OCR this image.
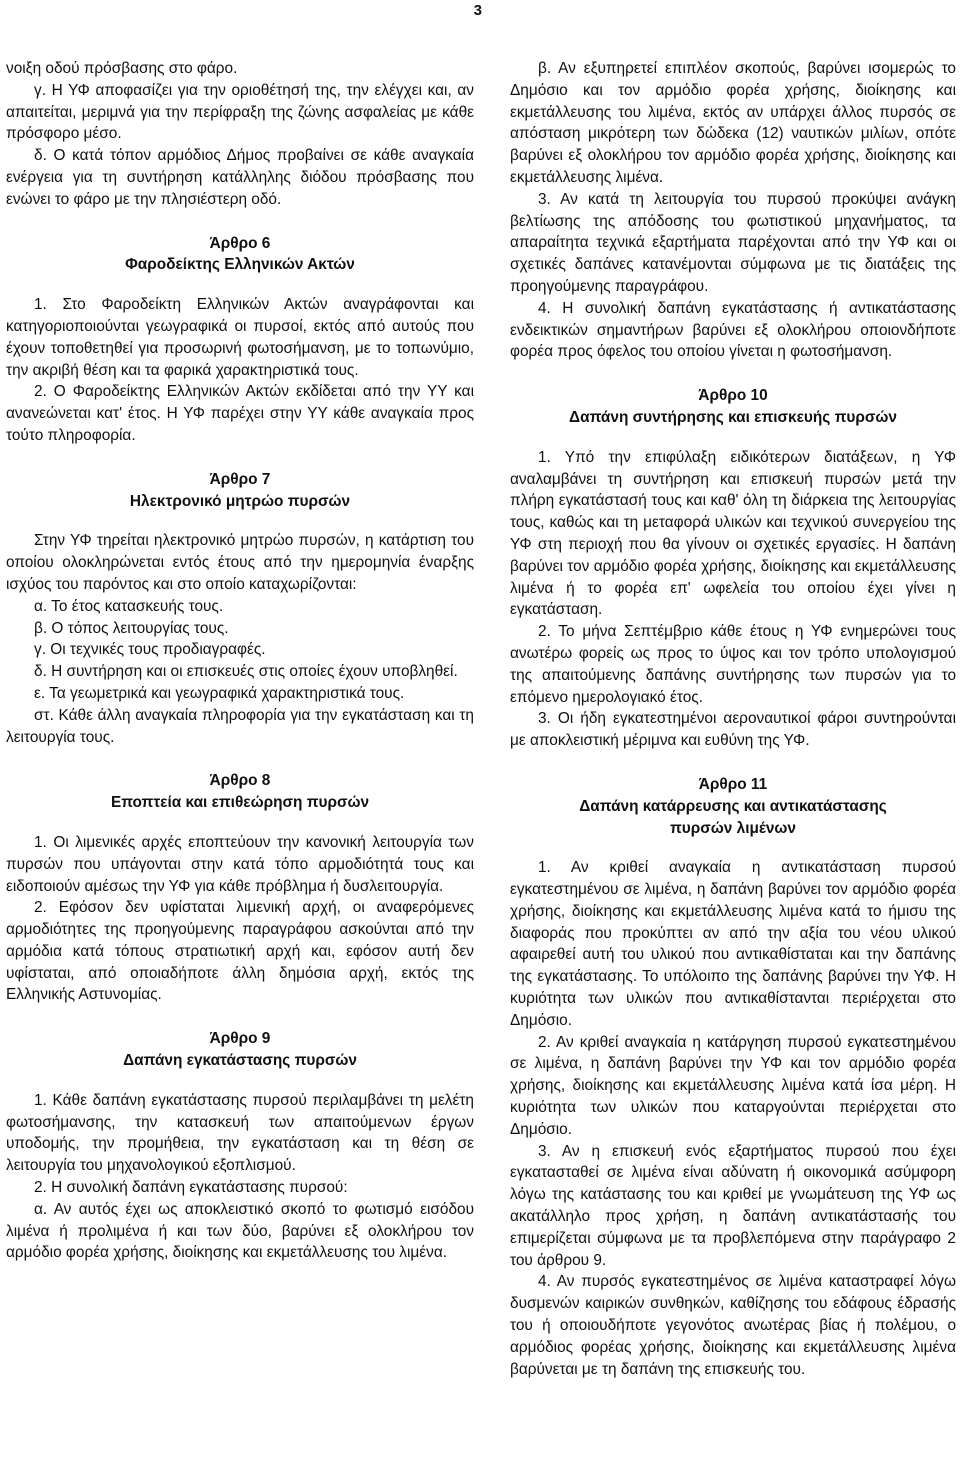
3

νοιξη οδού πρόσβασης στο φάρο.

γ. Η ΥΦ αποφασίζει για την οριοθέτησή της, την ελέγχει και, αν απαιτείται, μεριμνά για την περίφραξη της ζώνης ασφαλείας με κάθε πρόσφορο μέσο.

δ. Ο κατά τόπον αρμόδιος Δήμος προβαίνει σε κάθε αναγκαία ενέργεια για τη συντήρηση κατάλληλης διόδου πρόσβασης που ενώνει το φάρο με την πλησιέστερη οδό.

Άρθρο 6
Φαροδείκτης Ελληνικών Ακτών

1. Στο Φαροδείκτη Ελληνικών Ακτών αναγράφονται και κατηγοριοποιούνται γεωγραφικά οι πυρσοί, εκτός από αυτούς που έχουν τοποθετηθεί για προσωρινή φωτοσήμανση, με το τοπωνύμιο, την ακριβή θέση και τα φαρικά χαρακτηριστικά τους.

2. Ο Φαροδείκτης Ελληνικών Ακτών εκδίδεται από την ΥΥ και ανανεώνεται κατ' έτος. Η ΥΦ παρέχει στην ΥΥ κάθε αναγκαία προς τούτο πληροφορία.

Άρθρο 7
Ηλεκτρονικό μητρώο πυρσών

Στην ΥΦ τηρείται ηλεκτρονικό μητρώο πυρσών, η κατάρτιση του οποίου ολοκληρώνεται εντός έτους από την ημερομηνία έναρξης ισχύος του παρόντος και στο οποίο καταχωρίζονται:

α. Το έτος κατασκευής τους.

β. Ο τόπος λειτουργίας τους.

γ. Οι τεχνικές τους προδιαγραφές.

δ. Η συντήρηση και οι επισκευές στις οποίες έχουν υποβληθεί.

ε. Τα γεωμετρικά και γεωγραφικά χαρακτηριστικά τους.

στ. Κάθε άλλη αναγκαία πληροφορία για την εγκατάσταση και τη λειτουργία τους.

Άρθρο 8
Εποπτεία και επιθεώρηση πυρσών

1. Οι λιμενικές αρχές εποπτεύουν την κανονική λειτουργία των πυρσών που υπάγονται στην κατά τόπο αρμοδιότητά τους και ειδοποιούν αμέσως την ΥΦ για κάθε πρόβλημα ή δυσλειτουργία.

2. Εφόσον δεν υφίσταται λιμενική αρχή, οι αναφερόμενες αρμοδιότητες της προηγούμενης παραγράφου ασκούνται από την αρμόδια κατά τόπους στρατιωτική αρχή και, εφόσον αυτή δεν υφίσταται, από οποιαδήποτε άλλη δημόσια αρχή, εκτός της Ελληνικής Αστυνομίας.

Άρθρο 9
Δαπάνη εγκατάστασης πυρσών

1. Κάθε δαπάνη εγκατάστασης πυρσού περιλαμβάνει τη μελέτη φωτοσήμανσης, την κατασκευή των απαιτούμενων έργων υποδομής, την προμήθεια, την εγκατάσταση και τη θέση σε λειτουργία του μηχανολογικού εξοπλισμού.

2. Η συνολική δαπάνη εγκατάστασης πυρσού:

α. Αν αυτός έχει ως αποκλειστικό σκοπό το φωτισμό εισόδου λιμένα ή προλιμένα ή και των δύο, βαρύνει εξ ολοκλήρου τον αρμόδιο φορέα χρήσης, διοίκησης και εκμετάλλευσης του λιμένα.

β. Αν εξυπηρετεί επιπλέον σκοπούς, βαρύνει ισομερώς το Δημόσιο και τον αρμόδιο φορέα χρήσης, διοίκησης και εκμετάλλευσης του λιμένα, εκτός αν υπάρχει άλλος πυρσός σε απόσταση μικρότερη των δώδεκα (12) ναυτικών μιλίων, οπότε βαρύνει εξ ολοκλήρου τον αρμόδιο φορέα χρήσης, διοίκησης και εκμετάλλευσης λιμένα.

3. Αν κατά τη λειτουργία του πυρσού προκύψει ανάγκη βελτίωσης της απόδοσης του φωτιστικού μηχανήματος, τα απαραίτητα τεχνικά εξαρτήματα παρέχονται από την ΥΦ και οι σχετικές δαπάνες κατανέμονται σύμφωνα με τις διατάξεις της προηγούμενης παραγράφου.

4. Η συνολική δαπάνη εγκατάστασης ή αντικατάστασης ενδεικτικών σημαντήρων βαρύνει εξ ολοκλήρου οποιονδήποτε φορέα προς όφελος του οποίου γίνεται η φωτοσήμανση.

Άρθρο 10
Δαπάνη συντήρησης και επισκευής πυρσών

1. Υπό την επιφύλαξη ειδικότερων διατάξεων, η ΥΦ αναλαμβάνει τη συντήρηση και επισκευή πυρσών μετά την πλήρη εγκατάστασή τους και καθ' όλη τη διάρκεια της λειτουργίας τους, καθώς και τη μεταφορά υλικών και τεχνικού συνεργείου της ΥΦ στη περιοχή που θα γίνουν οι σχετικές εργασίες. Η δαπάνη βαρύνει τον αρμόδιο φορέα χρήσης, διοίκησης και εκμετάλλευσης λιμένα ή το φορέα επ' ωφελεία του οποίου έχει γίνει η εγκατάσταση.

2. Το μήνα Σεπτέμβριο κάθε έτους η ΥΦ ενημερώνει τους ανωτέρω φορείς ως προς το ύψος και τον τρόπο υπολογισμού της απαιτούμενης δαπάνης συντήρησης των πυρσών για το επόμενο ημερολογιακό έτος.

3. Οι ήδη εγκατεστημένοι αεροναυτικοί φάροι συντηρούνται με αποκλειστική μέριμνα και ευθύνη της ΥΦ.

Άρθρο 11
Δαπάνη κατάρρευσης και αντικατάστασης
πυρσών λιμένων

1. Αν κριθεί αναγκαία η αντικατάσταση πυρσού εγκατεστημένου σε λιμένα, η δαπάνη βαρύνει τον αρμόδιο φορέα χρήσης, διοίκησης και εκμετάλλευσης λιμένα κατά το ήμισυ της διαφοράς που προκύπτει αν από την αξία του νέου υλικού αφαιρεθεί αυτή του υλικού που αντικαθίσταται και την δαπάνης της εγκατάστασης. Το υπόλοιπο της δαπάνης βαρύνει την ΥΦ. Η κυριότητα των υλικών που αντικαθίστανται περιέρχεται στο Δημόσιο.

2. Αν κριθεί αναγκαία η κατάργηση πυρσού εγκατεστημένου σε λιμένα, η δαπάνη βαρύνει την ΥΦ και τον αρμόδιο φορέα χρήσης, διοίκησης και εκμετάλλευσης λιμένα κατά ίσα μέρη. Η κυριότητα των υλικών που καταργούνται περιέρχεται στο Δημόσιο.

3. Αν η επισκευή ενός εξαρτήματος πυρσού που έχει εγκατασταθεί σε λιμένα είναι αδύνατη ή οικονομικά ασύμφορη λόγω της κατάστασης του και κριθεί με γνωμάτευση της ΥΦ ως ακατάλληλο προς χρήση, η δαπάνη αντικατάστασής του επιμερίζεται σύμφωνα με τα προβλεπόμενα στην παράγραφο 2 του άρθρου 9.

4. Αν πυρσός εγκατεστημένος σε λιμένα καταστραφεί λόγω δυσμενών καιρικών συνθηκών, καθίζησης του εδάφους έδρασής του ή οποιουδήποτε γεγονότος ανωτέρας βίας ή πολέμου, ο αρμόδιος φορέας χρήσης, διοίκησης και εκμετάλλευσης λιμένα βαρύνεται με τη δαπάνη της επισκευής του.
